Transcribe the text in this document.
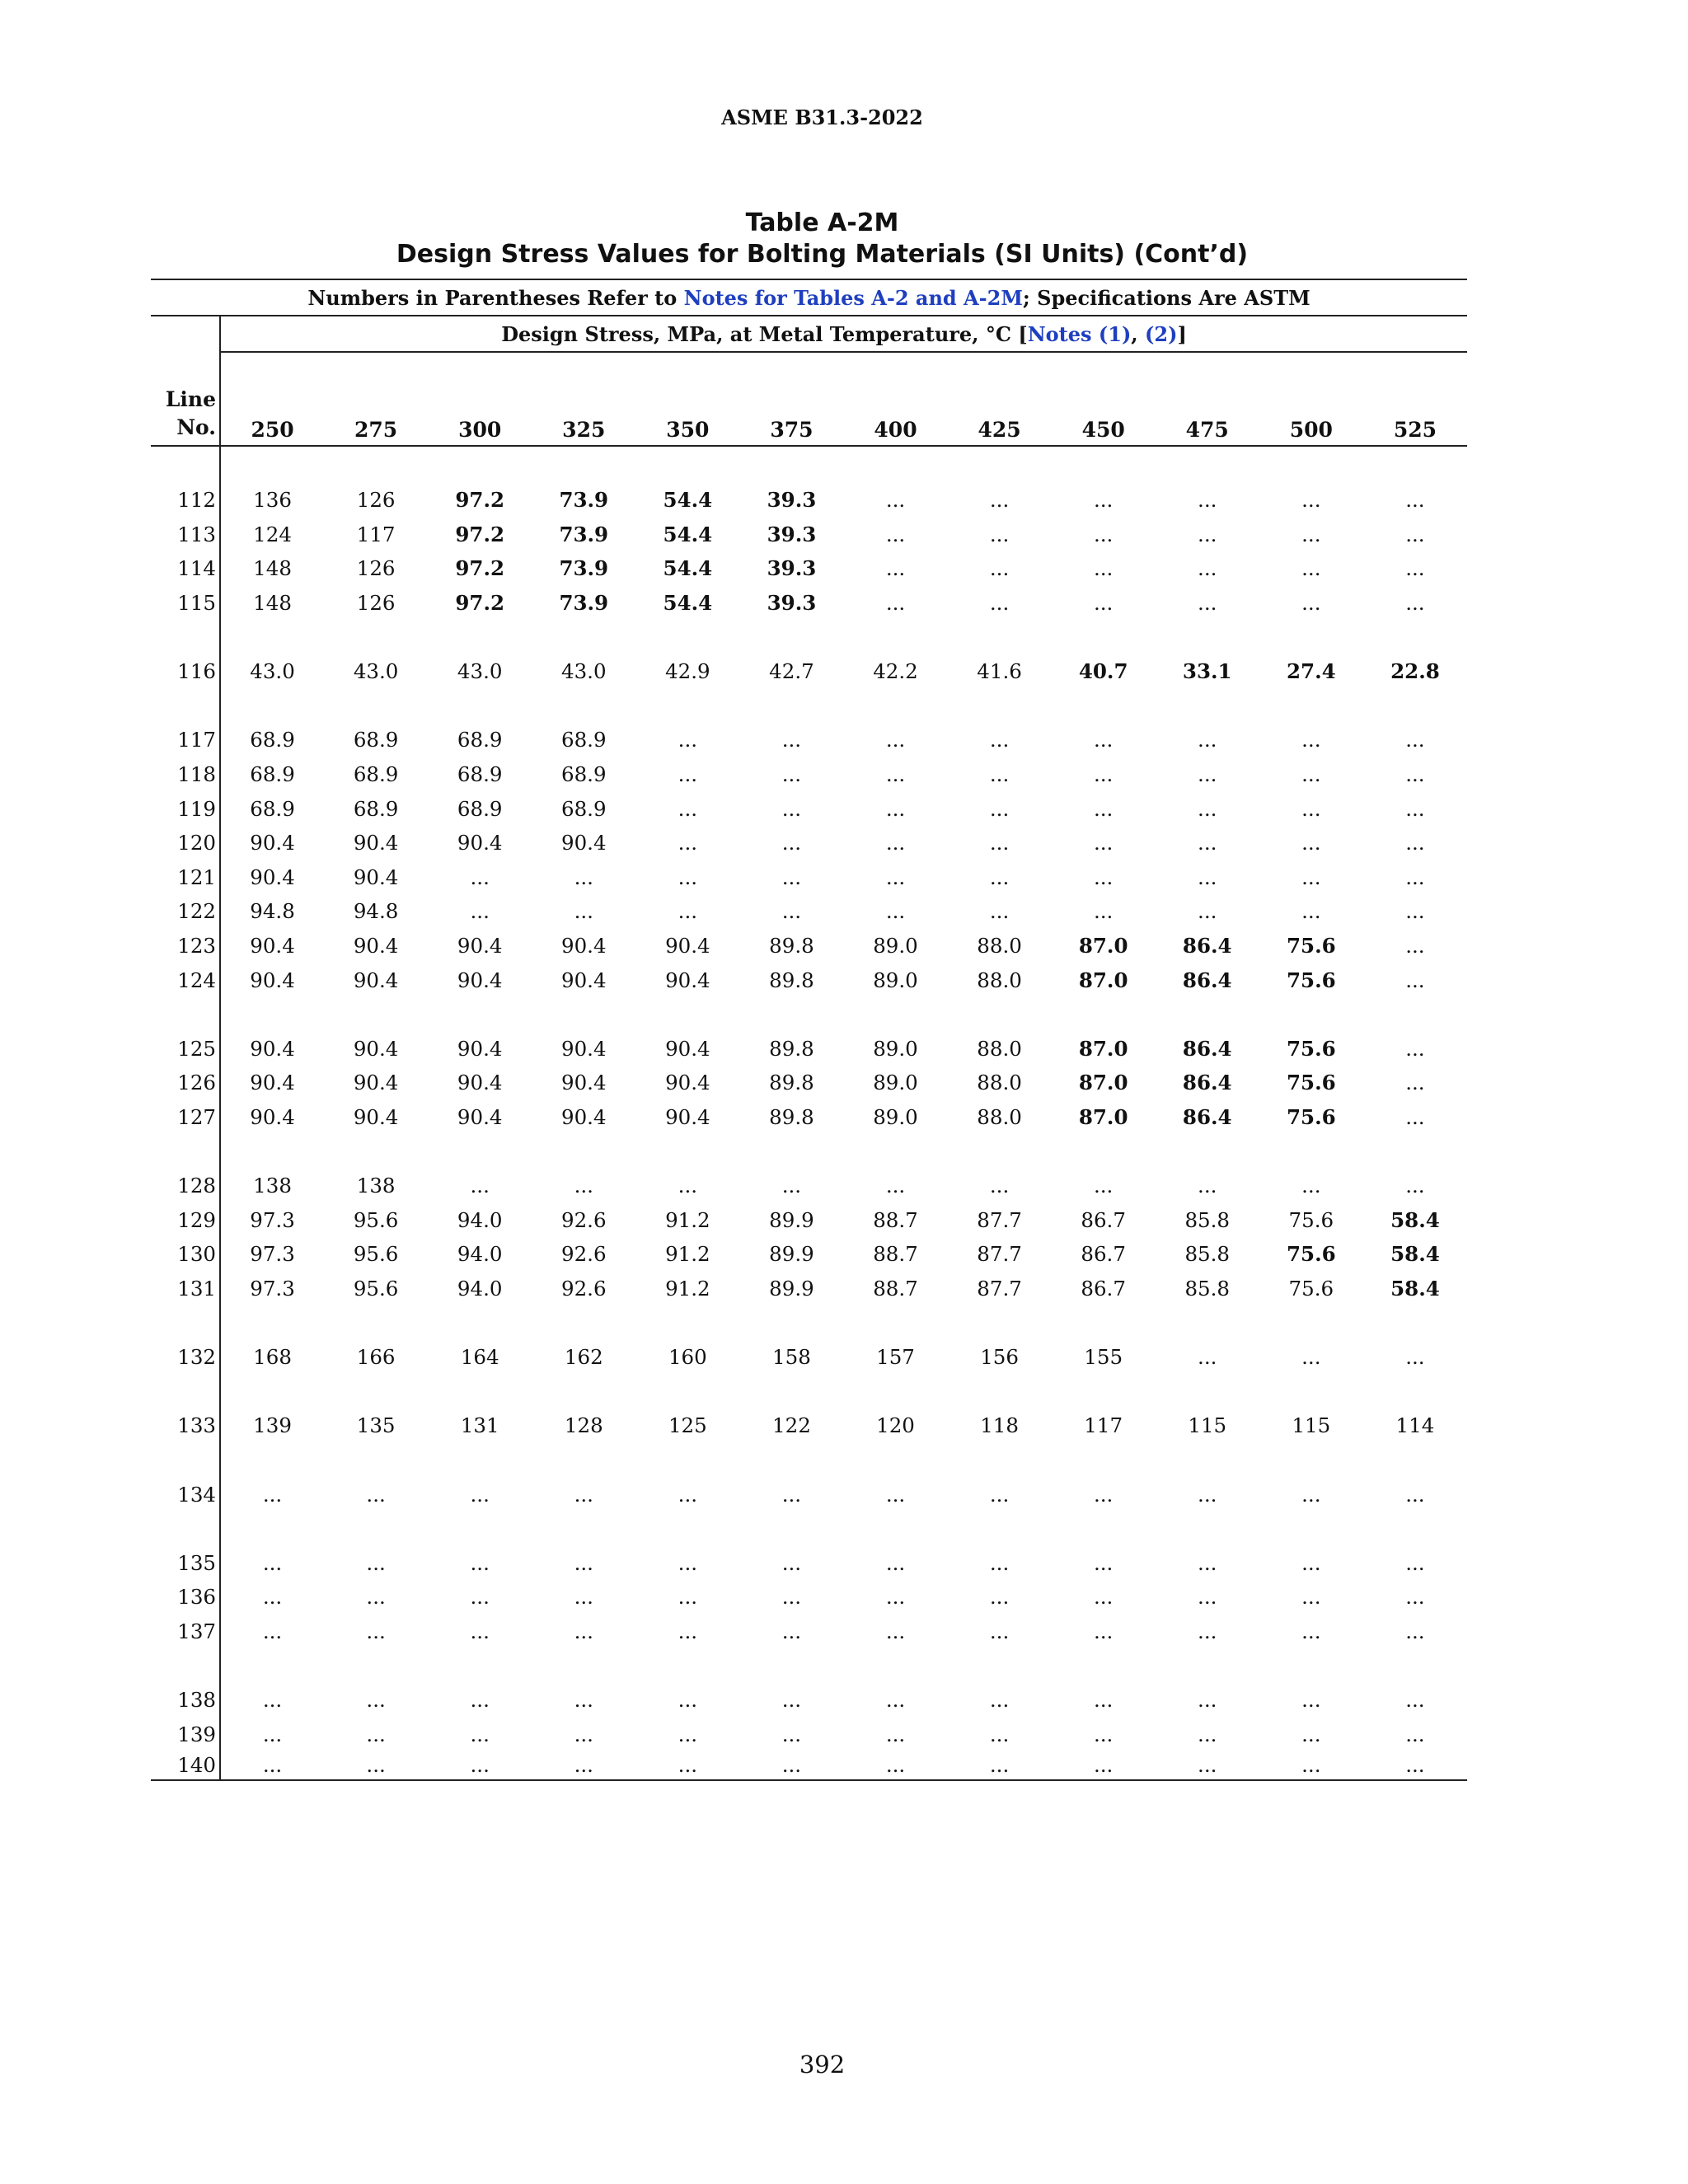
ASME B31.3-2022
Table A-2M
Design Stress Values for Bolting Materials (SI Units) (Cont’d)
Numbers in Parentheses Refer to Notes for Tables A-2 and A-2M; Specifications Are ASTM												
	Design Stress, MPa, at Metal Temperature, °C [Notes (1), (2)]											
Line
No.	250	275	300	325	350	375	400	425	450	475	500	525

112	136	126	97.2	73.9	54.4	39.3	...	...	...	...	...	...
113	124	117	97.2	73.9	54.4	39.3	...	...	...	...	...	...
114	148	126	97.2	73.9	54.4	39.3	...	...	...	...	...	...
115	148	126	97.2	73.9	54.4	39.3	...	...	...	...	...	...

116	43.0	43.0	43.0	43.0	42.9	42.7	42.2	41.6	40.7	33.1	27.4	22.8

117	68.9	68.9	68.9	68.9	...	...	...	...	...	...	...	...
118	68.9	68.9	68.9	68.9	...	...	...	...	...	...	...	...
119	68.9	68.9	68.9	68.9	...	...	...	...	...	...	...	...
120	90.4	90.4	90.4	90.4	...	...	...	...	...	...	...	...
121	90.4	90.4	...	...	...	...	...	...	...	...	...	...
122	94.8	94.8	...	...	...	...	...	...	...	...	...	...
123	90.4	90.4	90.4	90.4	90.4	89.8	89.0	88.0	87.0	86.4	75.6	...
124	90.4	90.4	90.4	90.4	90.4	89.8	89.0	88.0	87.0	86.4	75.6	...

125	90.4	90.4	90.4	90.4	90.4	89.8	89.0	88.0	87.0	86.4	75.6	...
126	90.4	90.4	90.4	90.4	90.4	89.8	89.0	88.0	87.0	86.4	75.6	...
127	90.4	90.4	90.4	90.4	90.4	89.8	89.0	88.0	87.0	86.4	75.6	...

128	138	138	...	...	...	...	...	...	...	...	...	...
129	97.3	95.6	94.0	92.6	91.2	89.9	88.7	87.7	86.7	85.8	75.6	58.4
130	97.3	95.6	94.0	92.6	91.2	89.9	88.7	87.7	86.7	85.8	75.6	58.4
131	97.3	95.6	94.0	92.6	91.2	89.9	88.7	87.7	86.7	85.8	75.6	58.4

132	168	166	164	162	160	158	157	156	155	...	...	...

133	139	135	131	128	125	122	120	118	117	115	115	114

134	...	...	...	...	...	...	...	...	...	...	...	...

135	...	...	...	...	...	...	...	...	...	...	...	...
136	...	...	...	...	...	...	...	...	...	...	...	...
137	...	...	...	...	...	...	...	...	...	...	...	...

138	...	...	...	...	...	...	...	...	...	...	...	...
139	...	...	...	...	...	...	...	...	...	...	...	...
140	...	...	...	...	...	...	...	...	...	...	...	...
392
